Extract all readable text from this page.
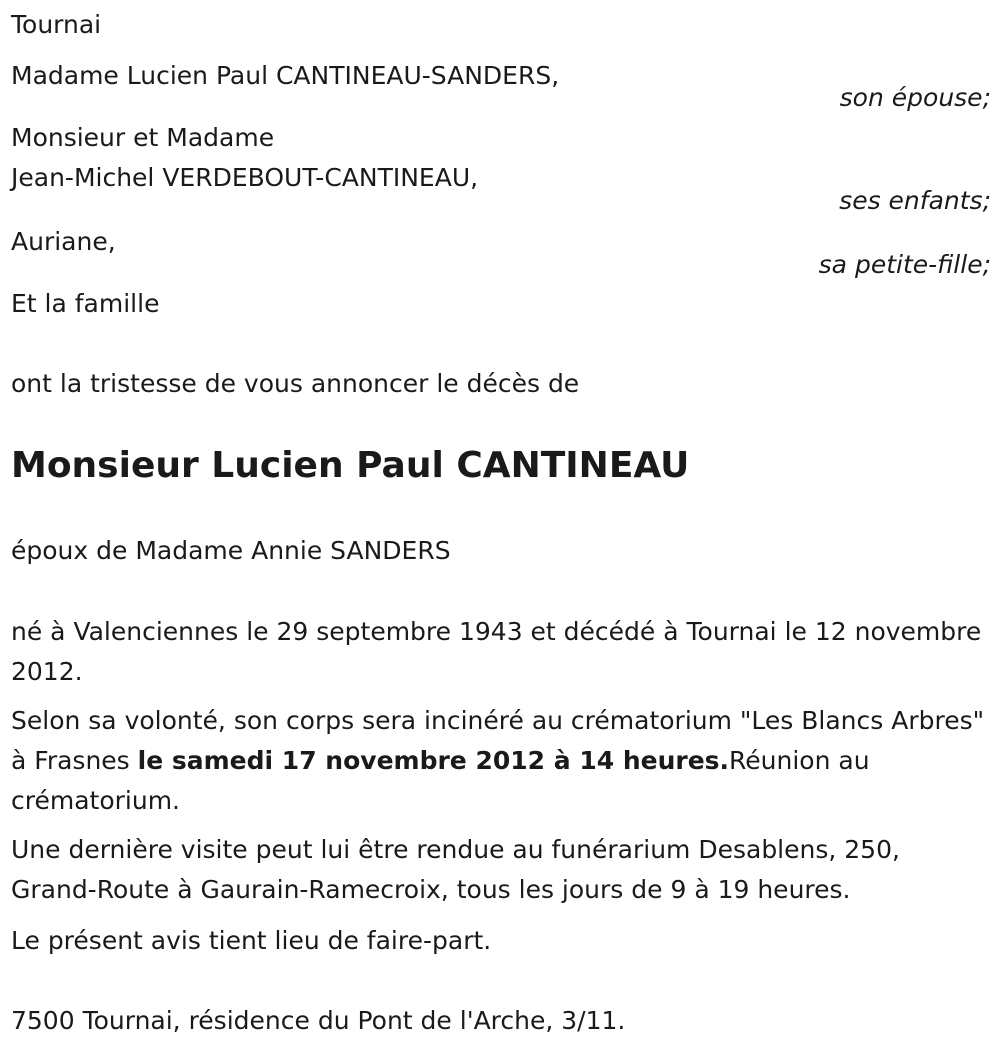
Tournai
Madame Lucien Paul CANTINEAU-SANDERS,
son épouse;
Monsieur et Madame
Jean-Michel VERDEBOUT-CANTINEAU,
ses enfants;
Auriane,
sa petite-fille;
Et la famille
ont la tristesse de vous annoncer le décès de
Monsieur Lucien Paul CANTINEAU
époux de Madame Annie SANDERS
né à Valenciennes le 29 septembre 1943 et décédé à Tournai le 12 novembre 2012.
Selon sa volonté, son corps sera incinéré au crématorium "Les Blancs Arbres" à Frasnes le samedi 17 novembre 2012 à 14 heures.Réunion au crématorium.
Une dernière visite peut lui être rendue au funérarium Desablens, 250, Grand-Route à Gaurain-Ramecroix, tous les jours de 9 à 19 heures.
Le présent avis tient lieu de faire-part.
7500 Tournai, résidence du Pont de l'Arche, 3/11.
